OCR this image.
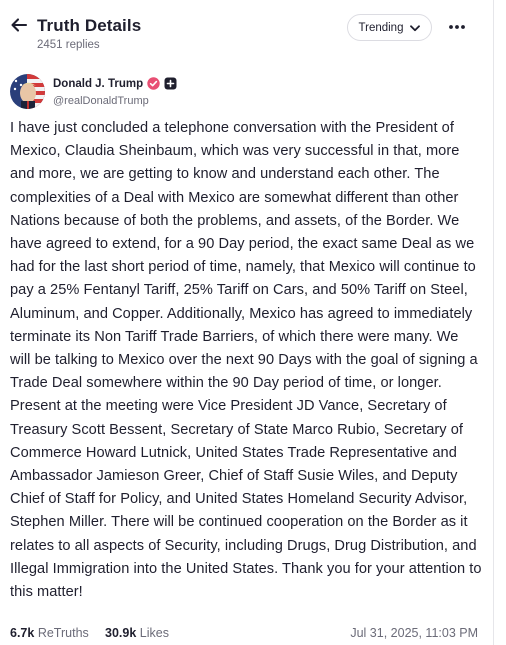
Truth Details
2451 replies
Trending
Donald J. Trump
@realDonaldTrump
I have just concluded a telephone conversation with the President of Mexico, Claudia Sheinbaum, which was very successful in that, more and more, we are getting to know and understand each other. The complexities of a Deal with Mexico are somewhat different than other Nations because of both the problems, and assets, of the Border. We have agreed to extend, for a 90 Day period, the exact same Deal as we had for the last short period of time, namely, that Mexico will continue to pay a 25% Fentanyl Tariff, 25% Tariff on Cars, and 50% Tariff on Steel, Aluminum, and Copper. Additionally, Mexico has agreed to immediately terminate its Non Tariff Trade Barriers, of which there were many. We will be talking to Mexico over the next 90 Days with the goal of signing a Trade Deal somewhere within the 90 Day period of time, or longer. Present at the meeting were Vice President JD Vance, Secretary of Treasury Scott Bessent, Secretary of State Marco Rubio, Secretary of Commerce Howard Lutnick, United States Trade Representative and Ambassador Jamieson Greer, Chief of Staff Susie Wiles, and Deputy Chief of Staff for Policy, and United States Homeland Security Advisor, Stephen Miller. There will be continued cooperation on the Border as it relates to all aspects of Security, including Drugs, Drug Distribution, and Illegal Immigration into the United States. Thank you for your attention to this matter!
6.7k ReTruths 30.9k Likes	Jul 31, 2025, 11:03 PM
